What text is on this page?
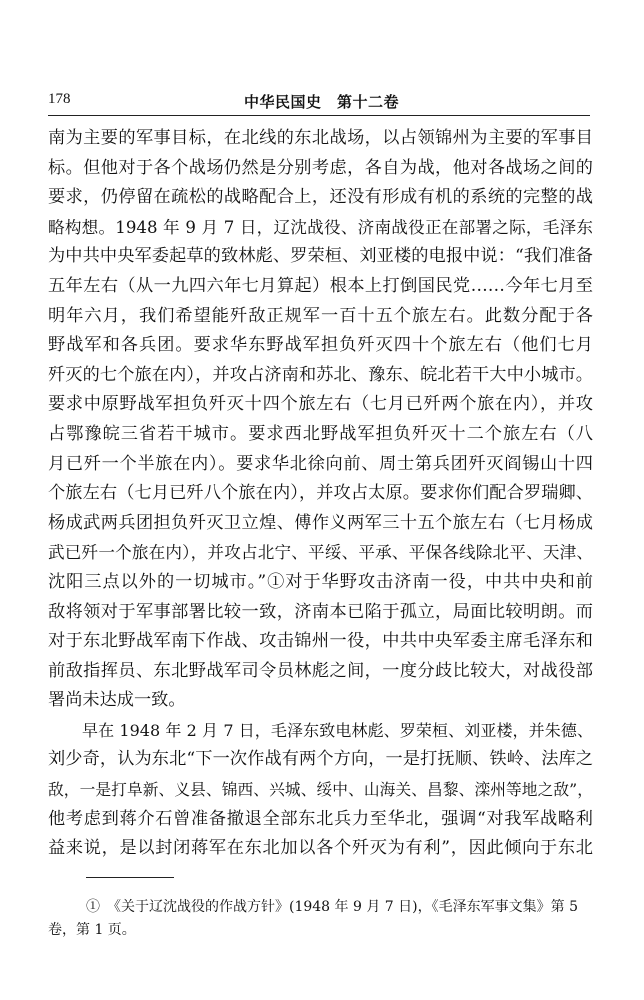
178	中华民国史　第十二卷
南为主要的军事目标，在北线的东北战场，以占领锦州为主要的军事目
标。但他对于各个战场仍然是分别考虑，各自为战，他对各战场之间的
要求，仍停留在疏松的战略配合上，还没有形成有机的系统的完整的战
略构想。1948 年 9 月 7 日，辽沈战役、济南战役正在部署之际，毛泽东
为中共中央军委起草的致林彪、罗荣桓、刘亚楼的电报中说：“我们准备
五年左右（从一九四六年七月算起）根本上打倒国民党……今年七月至
明年六月，我们希望能歼敌正规军一百十五个旅左右。此数分配于各
野战军和各兵团。要求华东野战军担负歼灭四十个旅左右（他们七月
歼灭的七个旅在内），并攻占济南和苏北、豫东、皖北若干大中小城市。
要求中原野战军担负歼灭十四个旅左右（七月已歼两个旅在内），并攻
占鄂豫皖三省若干城市。要求西北野战军担负歼灭十二个旅左右（八
月已歼一个半旅在内）。要求华北徐向前、周士第兵团歼灭阎锡山十四
个旅左右（七月已歼八个旅在内），并攻占太原。要求你们配合罗瑞卿、
杨成武两兵团担负歼灭卫立煌、傅作义两军三十五个旅左右（七月杨成
武已歼一个旅在内），并攻占北宁、平绥、平承、平保各线除北平、天津、
沈阳三点以外的一切城市。”①对于华野攻击济南一役，中共中央和前
敌将领对于军事部署比较一致，济南本已陷于孤立，局面比较明朗。而
对于东北野战军南下作战、攻击锦州一役，中共中央军委主席毛泽东和
前敌指挥员、东北野战军司令员林彪之间，一度分歧比较大，对战役部
署尚未达成一致。
早在 1948 年 2 月 7 日，毛泽东致电林彪、罗荣桓、刘亚楼，并朱德、
刘少奇，认为东北“下一次作战有两个方向，一是打抚顺、铁岭、法库之
敌，一是打阜新、义县、锦西、兴城、绥中、山海关、昌黎、滦州等地之敌”，
他考虑到蒋介石曾准备撤退全部东北兵力至华北，强调“对我军战略利
益来说，是以封闭蒋军在东北加以各个歼灭为有利”，因此倾向于东北
①　《关于辽沈战役的作战方针》(1948 年 9 月 7 日)，《毛泽东军事文集》第 5
卷，第 1 页。
